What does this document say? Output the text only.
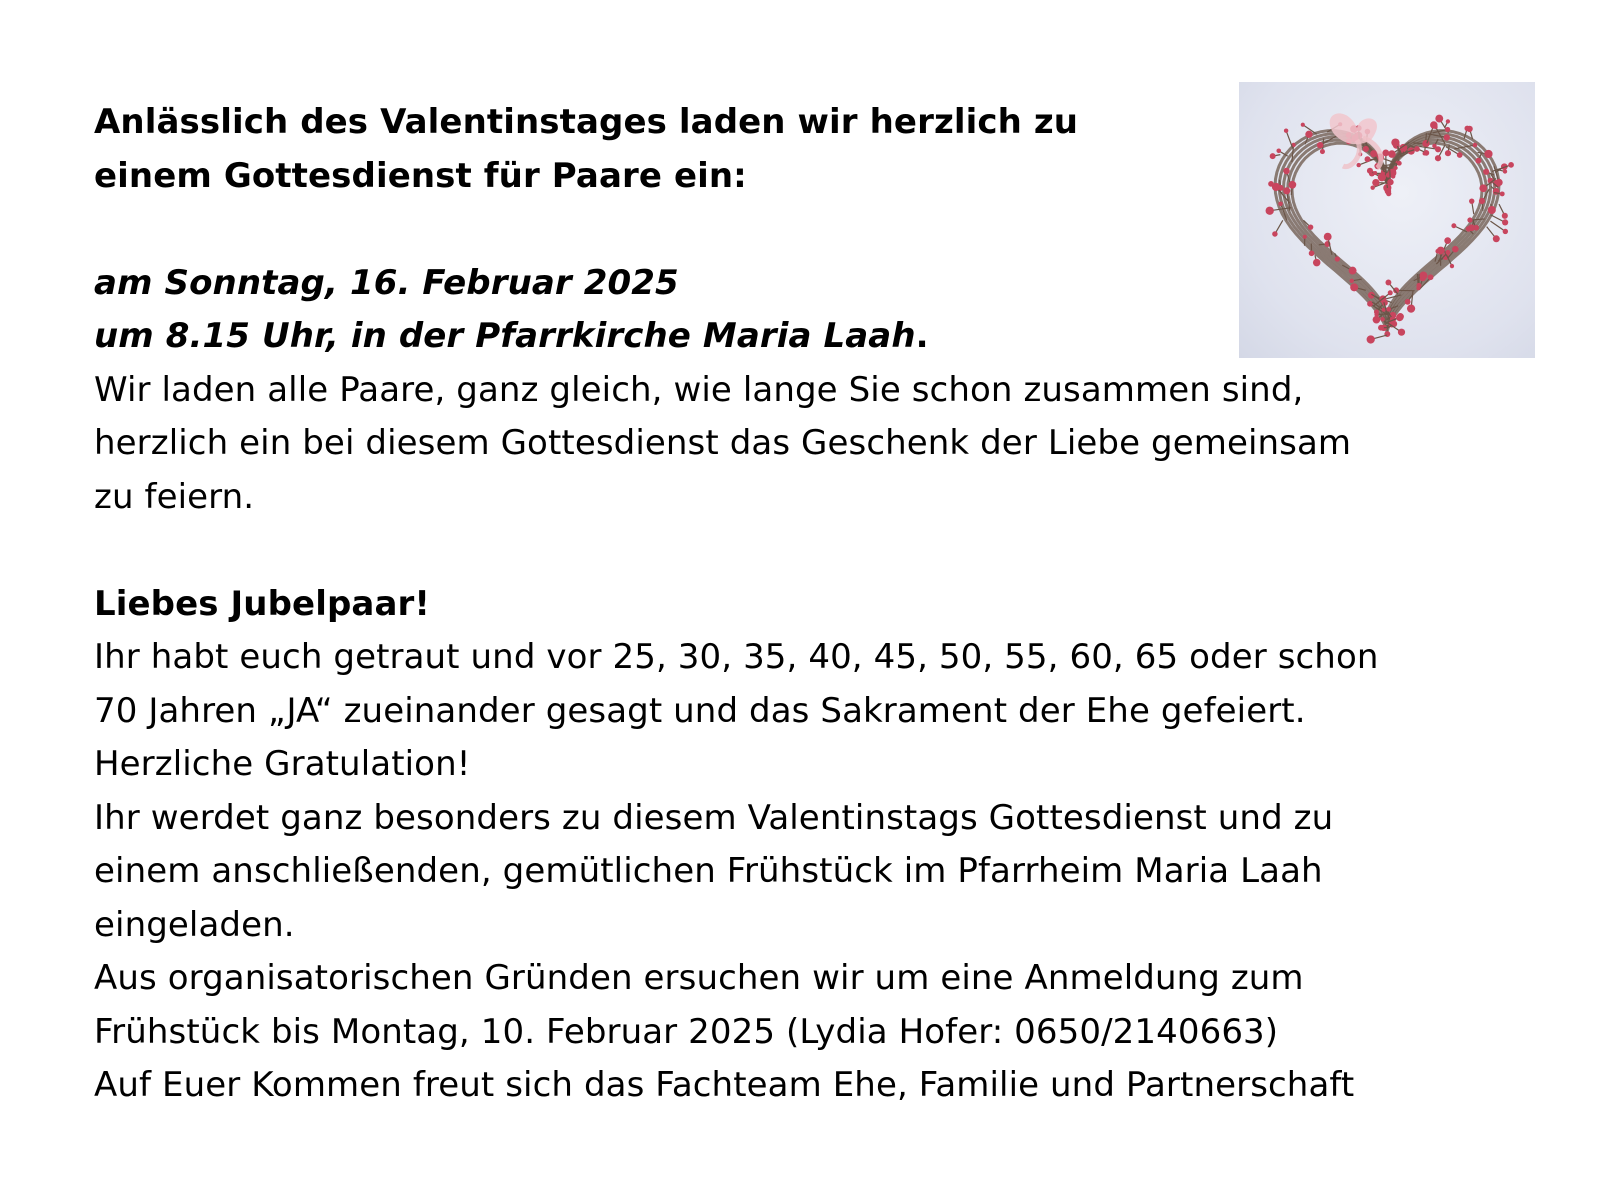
Anlässlich des Valentinstages laden wir herzlich zu
einem Gottesdienst für Paare ein:
am Sonntag, 16. Februar 2025
um 8.15 Uhr, in der Pfarrkirche Maria Laah.
Wir laden alle Paare, ganz gleich, wie lange Sie schon zusammen sind,
herzlich ein bei diesem Gottesdienst das Geschenk der Liebe gemeinsam
zu feiern.
Liebes Jubelpaar!
Ihr habt euch getraut und vor 25, 30, 35, 40, 45, 50, 55, 60, 65 oder schon
70 Jahren „JA“ zueinander gesagt und das Sakrament der Ehe gefeiert.
Herzliche Gratulation!
Ihr werdet ganz besonders zu diesem Valentinstags Gottesdienst und zu
einem anschließenden, gemütlichen Frühstück im Pfarrheim Maria Laah
eingeladen.
Aus organisatorischen Gründen ersuchen wir um eine Anmeldung zum
Frühstück bis Montag, 10. Februar 2025 (Lydia Hofer: 0650/2140663)
Auf Euer Kommen freut sich das Fachteam Ehe, Familie und Partnerschaft
